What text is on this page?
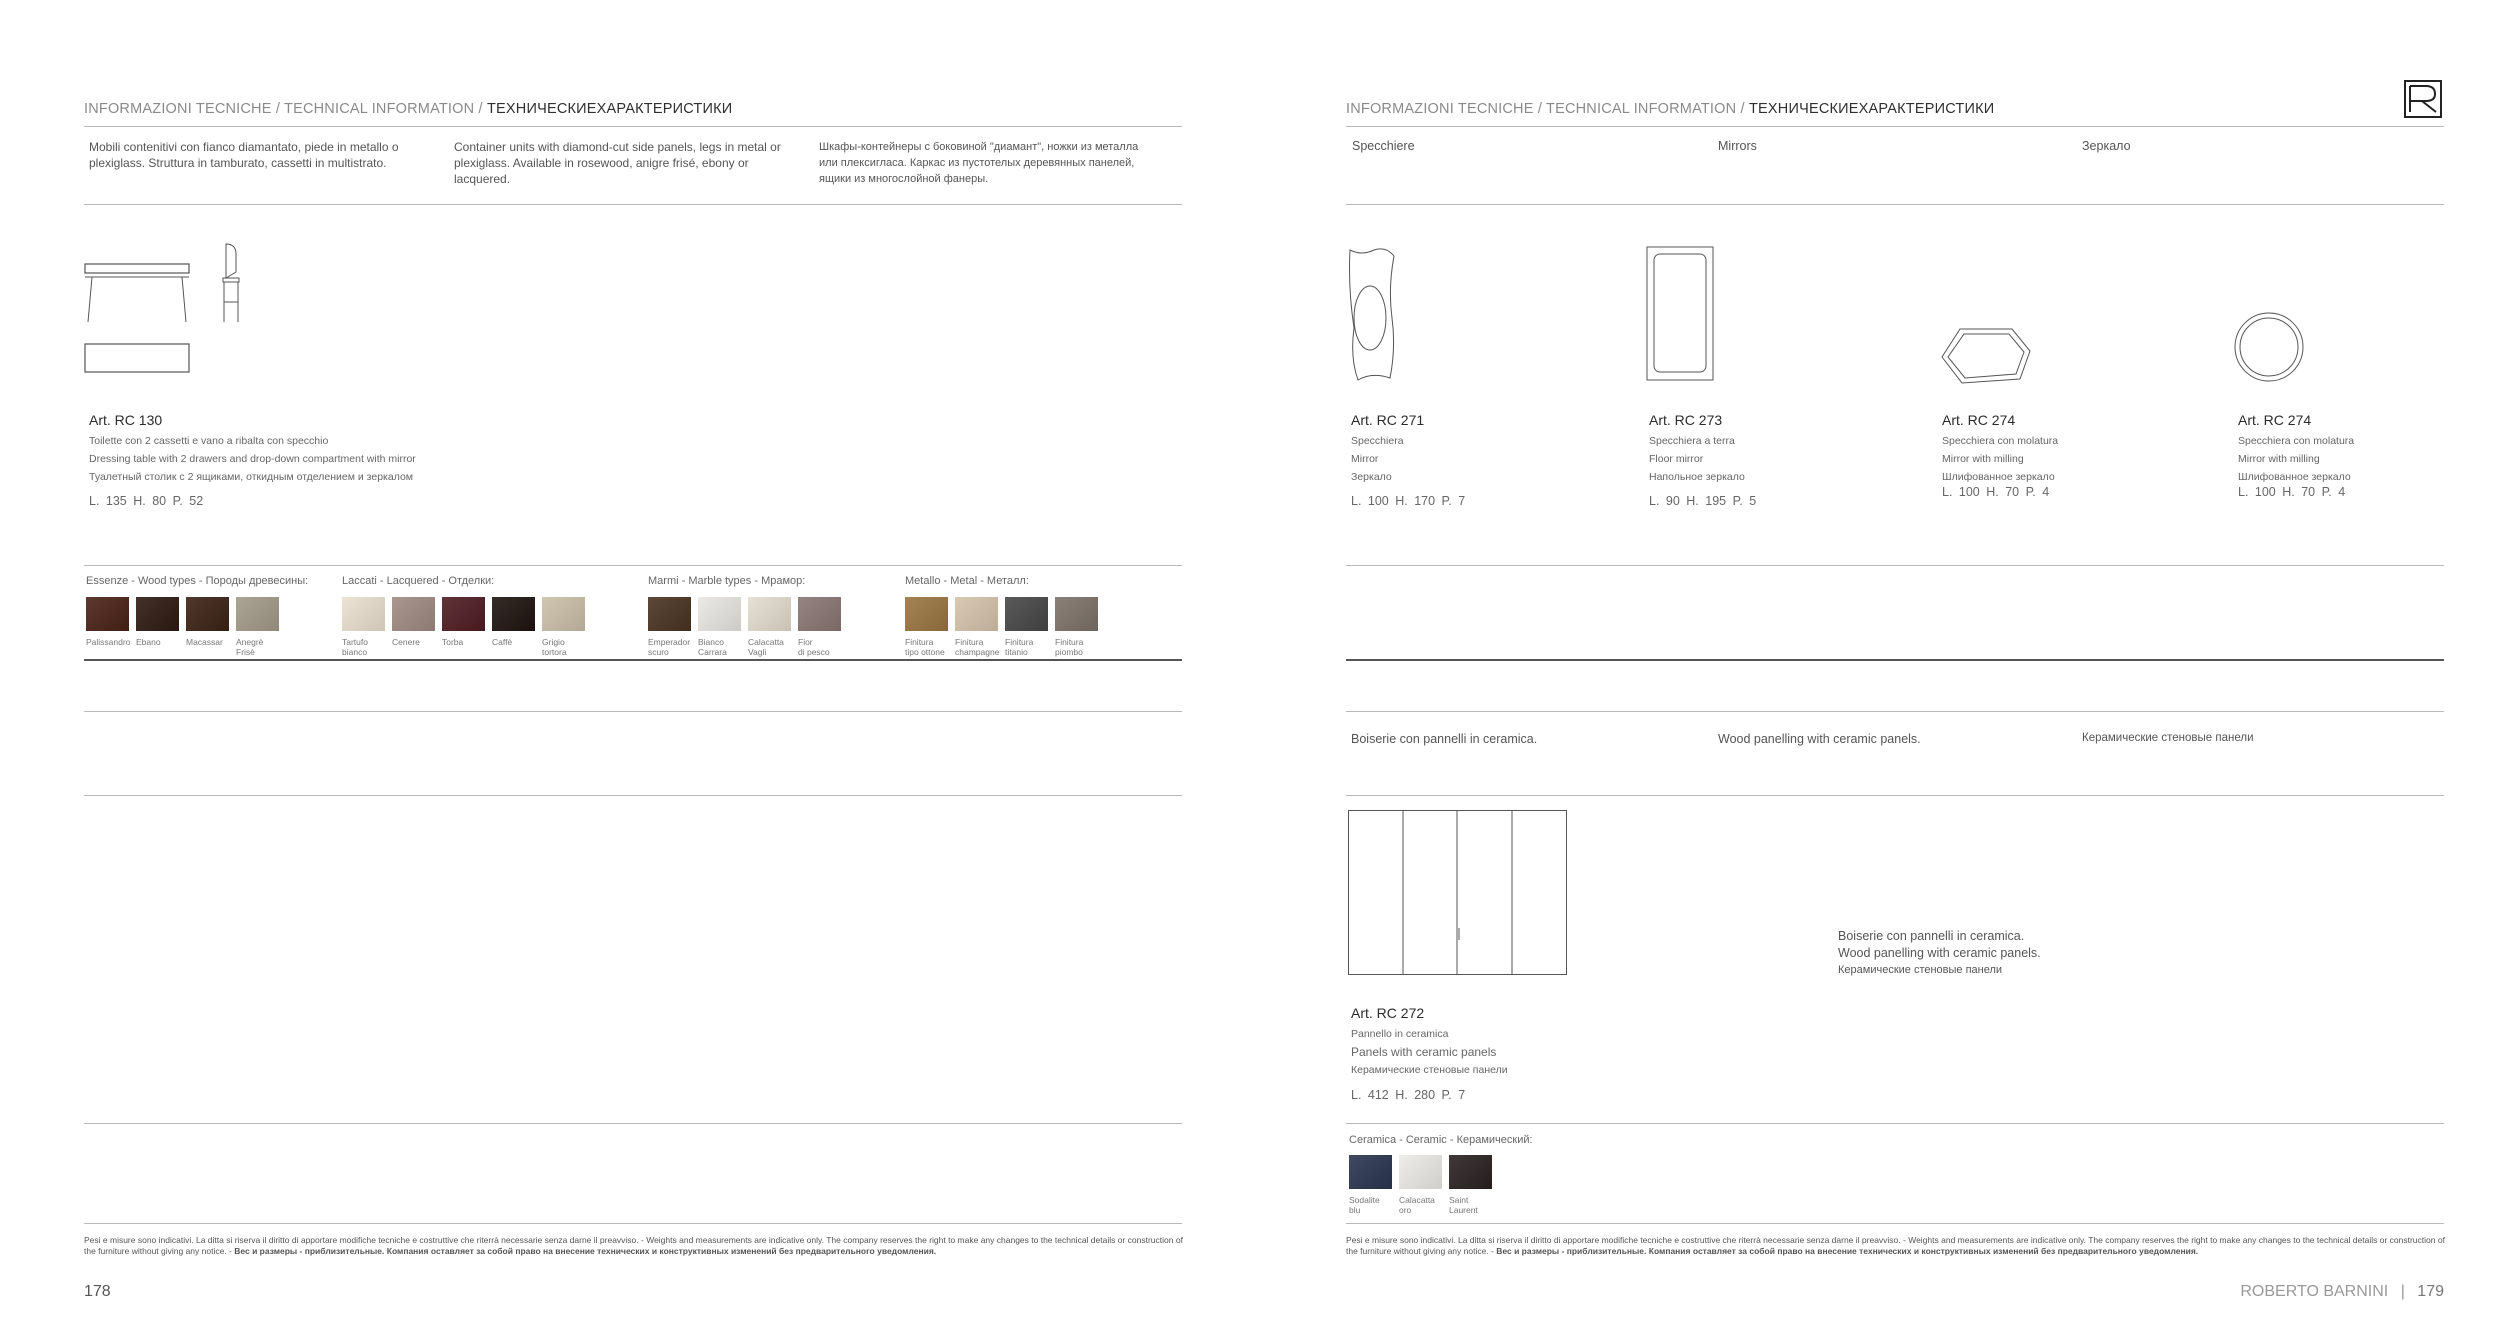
INFORMAZIONI TECNICHE / TECHNICAL INFORMATION / ТЕХНИЧЕСКИЕХАРАКТЕРИСТИКИ
Mobili contenitivi con fianco diamantato, piede in metallo o plexiglass. Struttura in tamburato, cassetti in multistrato.
Container units with diamond-cut side panels, legs in metal or plexiglass. Available in rosewood, anigre frisé, ebony or lacquered.
Шкафы-контейнеры с боковиной "диамант", ножки из металла или плексигласа. Каркас из пустотелых деревянных панелей, ящики из многослойной фанеры.
Art. RC 130
Toilette con 2 cassetti e vano a ribalta con specchio
Dressing table with 2 drawers and drop-down compartment with mirror
Туалетный столик с 2 ящиками, откидным отделением и зеркалом
L. 135 H. 80 P. 52
Essenze - Wood types - Породы древесины:
Palissandro Ebano	Macassar	Anegrè
Frisè
Laccati - Lacquered - Отделки:
Tartufo
bianco
Cenere	Torba	Caffè	Grigio
tortora
Marmi - Marble types - Мрамор:
Emperador
scuro
Bianco
Carrara
Calacatta
Vagli
Fior
di pesco
Metallo - Metal - Металл:
Finitura
tipo ottone
Finitura
champagne
Finitura
titanio
Finitura
piombo
Pesi e misure sono indicativi. La ditta si riserva il diritto di apportare modifiche tecniche e costruttive che riterrà necessarie senza darne il preavviso. - Weights and measurements are indicative only. The company reserves the right to make any changes to the technical details or construction of the furniture without giving any notice. - Вес и размеры - приблизительные. Компания оставляет за собой право на внесение технических и конструктивных изменений без предварительного уведомления.
178
INFORMAZIONI TECNICHE / TECHNICAL INFORMATION / ТЕХНИЧЕСКИЕХАРАКТЕРИСТИКИ
Specchiere	Mirrors	Зеркало
Art. RC 271
Specchiera
Mirror
Зеркало
L. 100 H. 170 P. 7
Art. RC 273
Specchiera a terra
Floor mirror
Напольное зеркало
L. 90 H. 195 P. 5
Art. RC 274
Specchiera con molatura
Mirror with milling
Шлифованное зеркало
L. 100 H. 70 P. 4
Art. RC 274
Specchiera con molatura
Mirror with milling
Шлифованное зеркало
L. 100 H. 70 P. 4
Boiserie con pannelli in ceramica.	Wood panelling with ceramic panels.	Керамические стеновые панели
Boiserie con pannelli in ceramica.
Wood panelling with ceramic panels.
Керамические стеновые панели
Art. RC 272
Pannello in ceramica
Panels with ceramic panels
Керамические стеновые панели
L. 412 H. 280 P. 7
Ceramica - Ceramic - Керамический:
Sodalite
blu
Calacatta
oro
Saint
Laurent
Pesi e misure sono indicativi. La ditta si riserva il diritto di apportare modifiche tecniche e costruttive che riterrà necessarie senza darne il preavviso. - Weights and measurements are indicative only. The company reserves the right to make any changes to the technical details or construction of the furniture without giving any notice. - Вес и размеры - приблизительные. Компания оставляет за собой право на внесение технических и конструктивных изменений без предварительного уведомления.
ROBERTO BARNINI | 179
